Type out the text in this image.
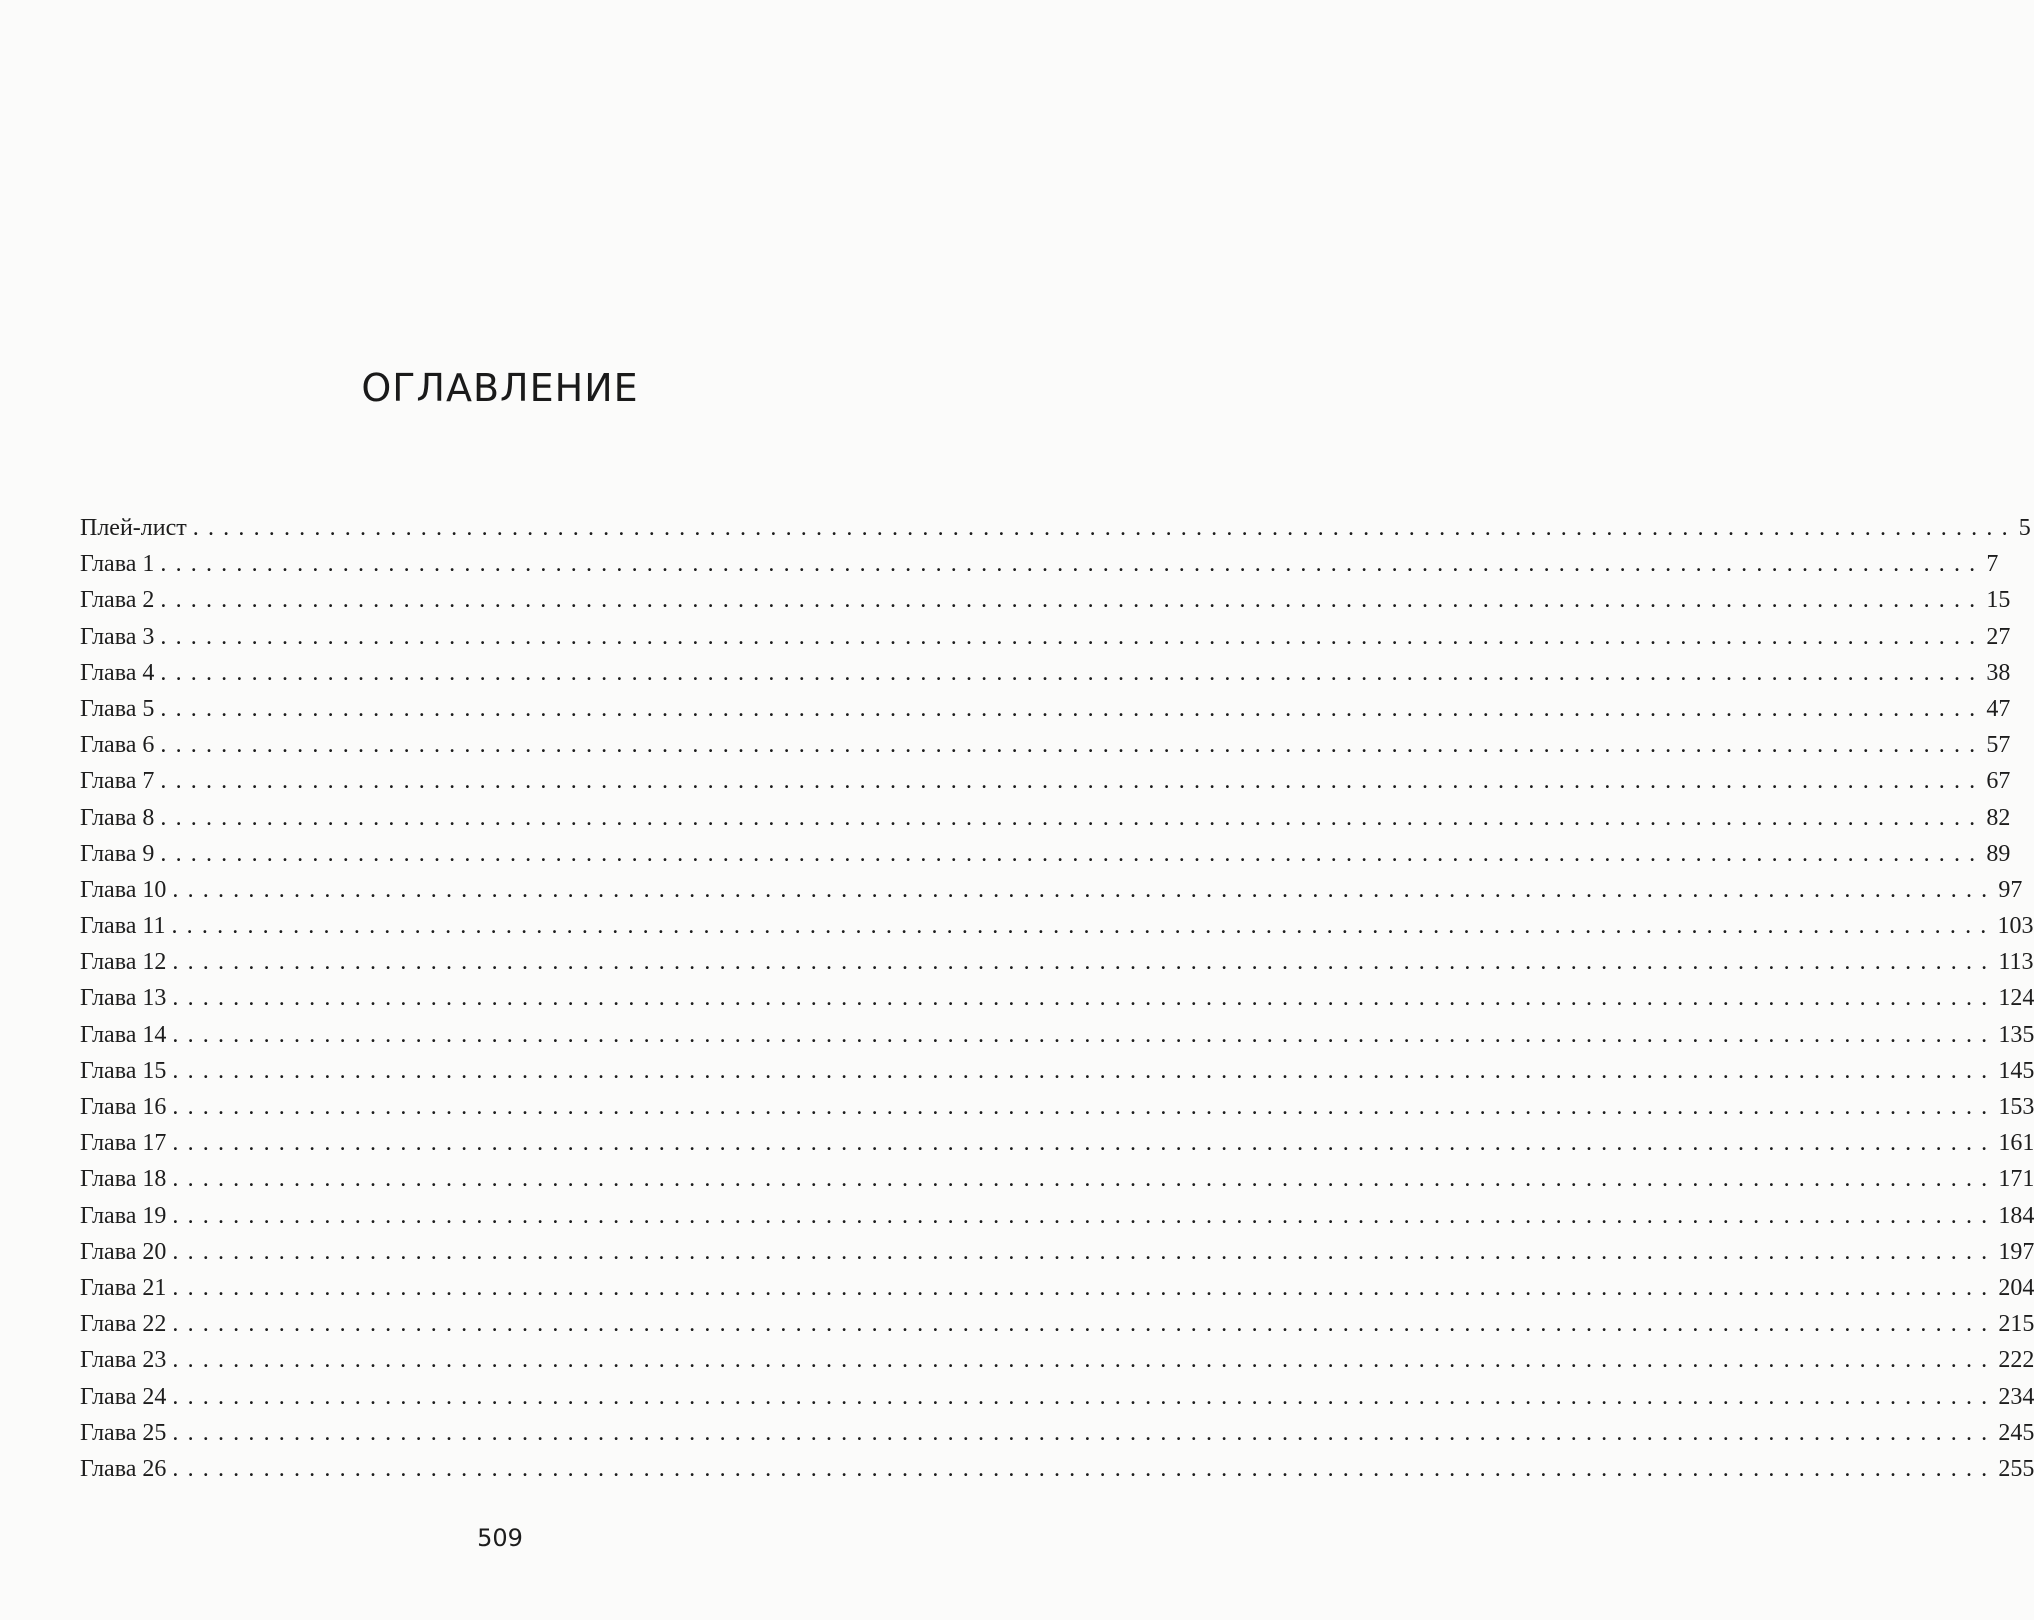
ОГЛАВЛЕНИЕ
Плей-лист ........................................................................................................................ 5
Глава 1 ........................................................................................................................ 7
Глава 2 ........................................................................................................................ 15
Глава 3 ........................................................................................................................ 27
Глава 4 ........................................................................................................................ 38
Глава 5 ........................................................................................................................ 47
Глава 6 ........................................................................................................................ 57
Глава 7 ........................................................................................................................ 67
Глава 8 ........................................................................................................................ 82
Глава 9 ........................................................................................................................ 89
Глава 10 ........................................................................................................................ 97
Глава 11 ........................................................................................................................ 103
Глава 12 ........................................................................................................................ 113
Глава 13 ........................................................................................................................ 124
Глава 14 ........................................................................................................................ 135
Глава 15 ........................................................................................................................ 145
Глава 16 ........................................................................................................................ 153
Глава 17 ........................................................................................................................ 161
Глава 18 ........................................................................................................................ 171
Глава 19 ........................................................................................................................ 184
Глава 20 ........................................................................................................................ 197
Глава 21 ........................................................................................................................ 204
Глава 22 ........................................................................................................................ 215
Глава 23 ........................................................................................................................ 222
Глава 24 ........................................................................................................................ 234
Глава 25 ........................................................................................................................ 245
Глава 26 ........................................................................................................................ 255
509
